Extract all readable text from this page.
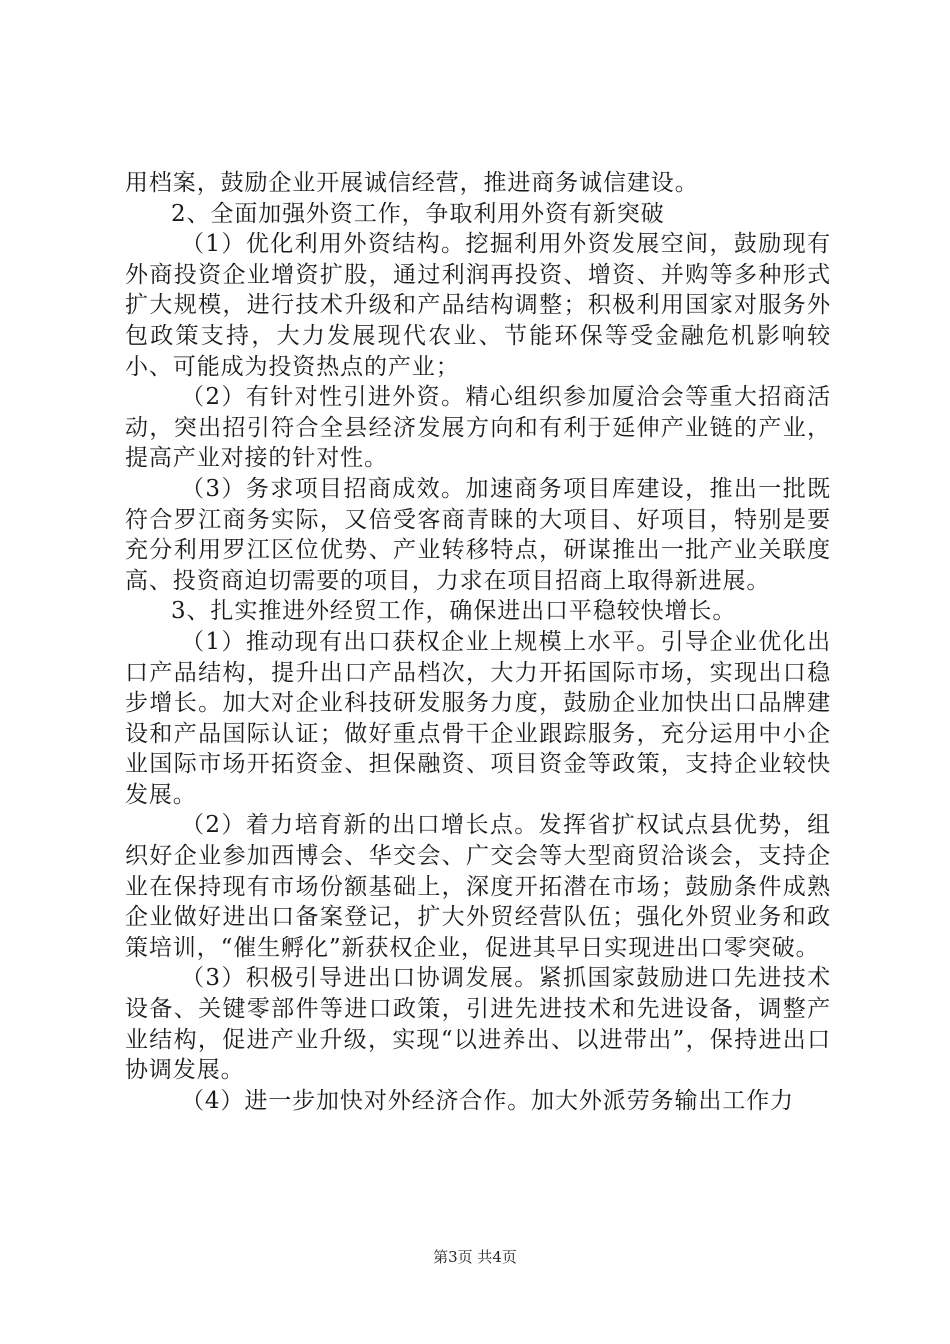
用档案，鼓励企业开展诚信经营，推进商务诚信建设。

2、全面加强外资工作，争取利用外资有新突破

（1）优化利用外资结构。挖掘利用外资发展空间，鼓励现有外商投资企业增资扩股，通过利润再投资、增资、并购等多种形式扩大规模，进行技术升级和产品结构调整；积极利用国家对服务外包政策支持，大力发展现代农业、节能环保等受金融危机影响较小、可能成为投资热点的产业；

（2）有针对性引进外资。精心组织参加厦洽会等重大招商活动，突出招引符合全县经济发展方向和有利于延伸产业链的产业，提高产业对接的针对性。

（3）务求项目招商成效。加速商务项目库建设，推出一批既符合罗江商务实际，又倍受客商青睐的大项目、好项目，特别是要充分利用罗江区位优势、产业转移特点，研谋推出一批产业关联度高、投资商迫切需要的项目，力求在项目招商上取得新进展。

3、扎实推进外经贸工作，确保进出口平稳较快增长。

（1）推动现有出口获权企业上规模上水平。引导企业优化出口产品结构，提升出口产品档次，大力开拓国际市场，实现出口稳步增长。加大对企业科技研发服务力度，鼓励企业加快出口品牌建设和产品国际认证；做好重点骨干企业跟踪服务，充分运用中小企业国际市场开拓资金、担保融资、项目资金等政策，支持企业较快发展。

（2）着力培育新的出口增长点。发挥省扩权试点县优势，组织好企业参加西博会、华交会、广交会等大型商贸洽谈会，支持企业在保持现有市场份额基础上，深度开拓潜在市场；鼓励条件成熟企业做好进出口备案登记，扩大外贸经营队伍；强化外贸业务和政策培训，“催生孵化”新获权企业，促进其早日实现进出口零突破。

（3）积极引导进出口协调发展。紧抓国家鼓励进口先进技术设备、关键零部件等进口政策，引进先进技术和先进设备，调整产业结构，促进产业升级，实现“以进养出、以进带出”，保持进出口协调发展。

（4）进一步加快对外经济合作。加大外派劳务输出工作力

第3页 共4页
